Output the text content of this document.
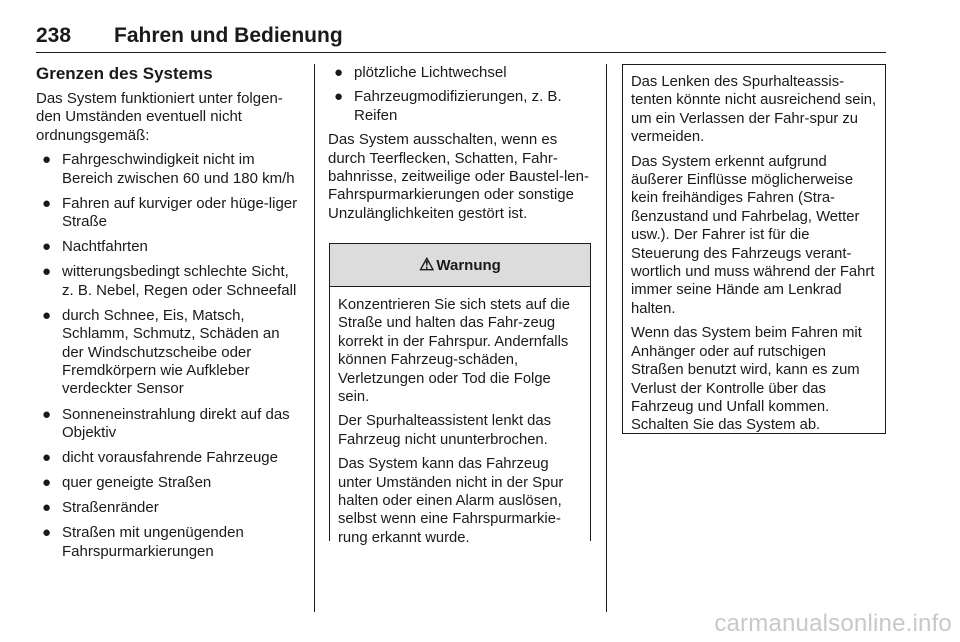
238 Fahren und Bedienung
Grenzen des Systems

Das System funktioniert unter folgen-den Umständen eventuell nicht ordnungsgemäß:

● Fahrgeschwindigkeit nicht im Bereich zwischen 60 und 180 km/h
● Fahren auf kurviger oder hüge-liger Straße
● Nachtfahrten
● witterungsbedingt schlechte Sicht, z. B. Nebel, Regen oder Schneefall
● durch Schnee, Eis, Matsch, Schlamm, Schmutz, Schäden an der Windschutzscheibe oder Fremdkörpern wie Aufkleber verdeckter Sensor
● Sonneneinstrahlung direkt auf das Objektiv
● dicht vorausfahrende Fahrzeuge
● quer geneigte Straßen
● Straßenränder
● Straßen mit ungenügenden Fahrspurmarkierungen
● plötzliche Lichtwechsel
● Fahrzeugmodifizierungen, z. B. Reifen

Das System ausschalten, wenn es durch Teerflecken, Schatten, Fahr-bahnrisse, zeitweilige oder Baustel-len-Fahrspurmarkierungen oder sonstige Unzulänglichkeiten gestört ist.

⚠ Warnung

Konzentrieren Sie sich stets auf die Straße und halten das Fahr-zeug korrekt in der Fahrspur. Andernfalls können Fahrzeug-schäden, Verletzungen oder Tod die Folge sein.

Der Spurhalteassistent lenkt das Fahrzeug nicht ununterbrochen.

Das System kann das Fahrzeug unter Umständen nicht in der Spur halten oder einen Alarm auslösen, selbst wenn eine Fahrspurmarkie-rung erkannt wurde.

Das Lenken des Spurhalteassis-tenten könnte nicht ausreichend sein, um ein Verlassen der Fahr-spur zu vermeiden.

Das System erkennt aufgrund äußerer Einflüsse möglicherweise kein freihändiges Fahren (Stra-ßenzustand und Fahrbelag, Wetter usw.). Der Fahrer ist für die Steuerung des Fahrzeugs verant-wortlich und muss während der Fahrt immer seine Hände am Lenkrad halten.

Wenn das System beim Fahren mit Anhänger oder auf rutschigen Straßen benutzt wird, kann es zum Verlust der Kontrolle über das Fahrzeug und Unfall kommen. Schalten Sie das System ab.

carmanualsonline.info
